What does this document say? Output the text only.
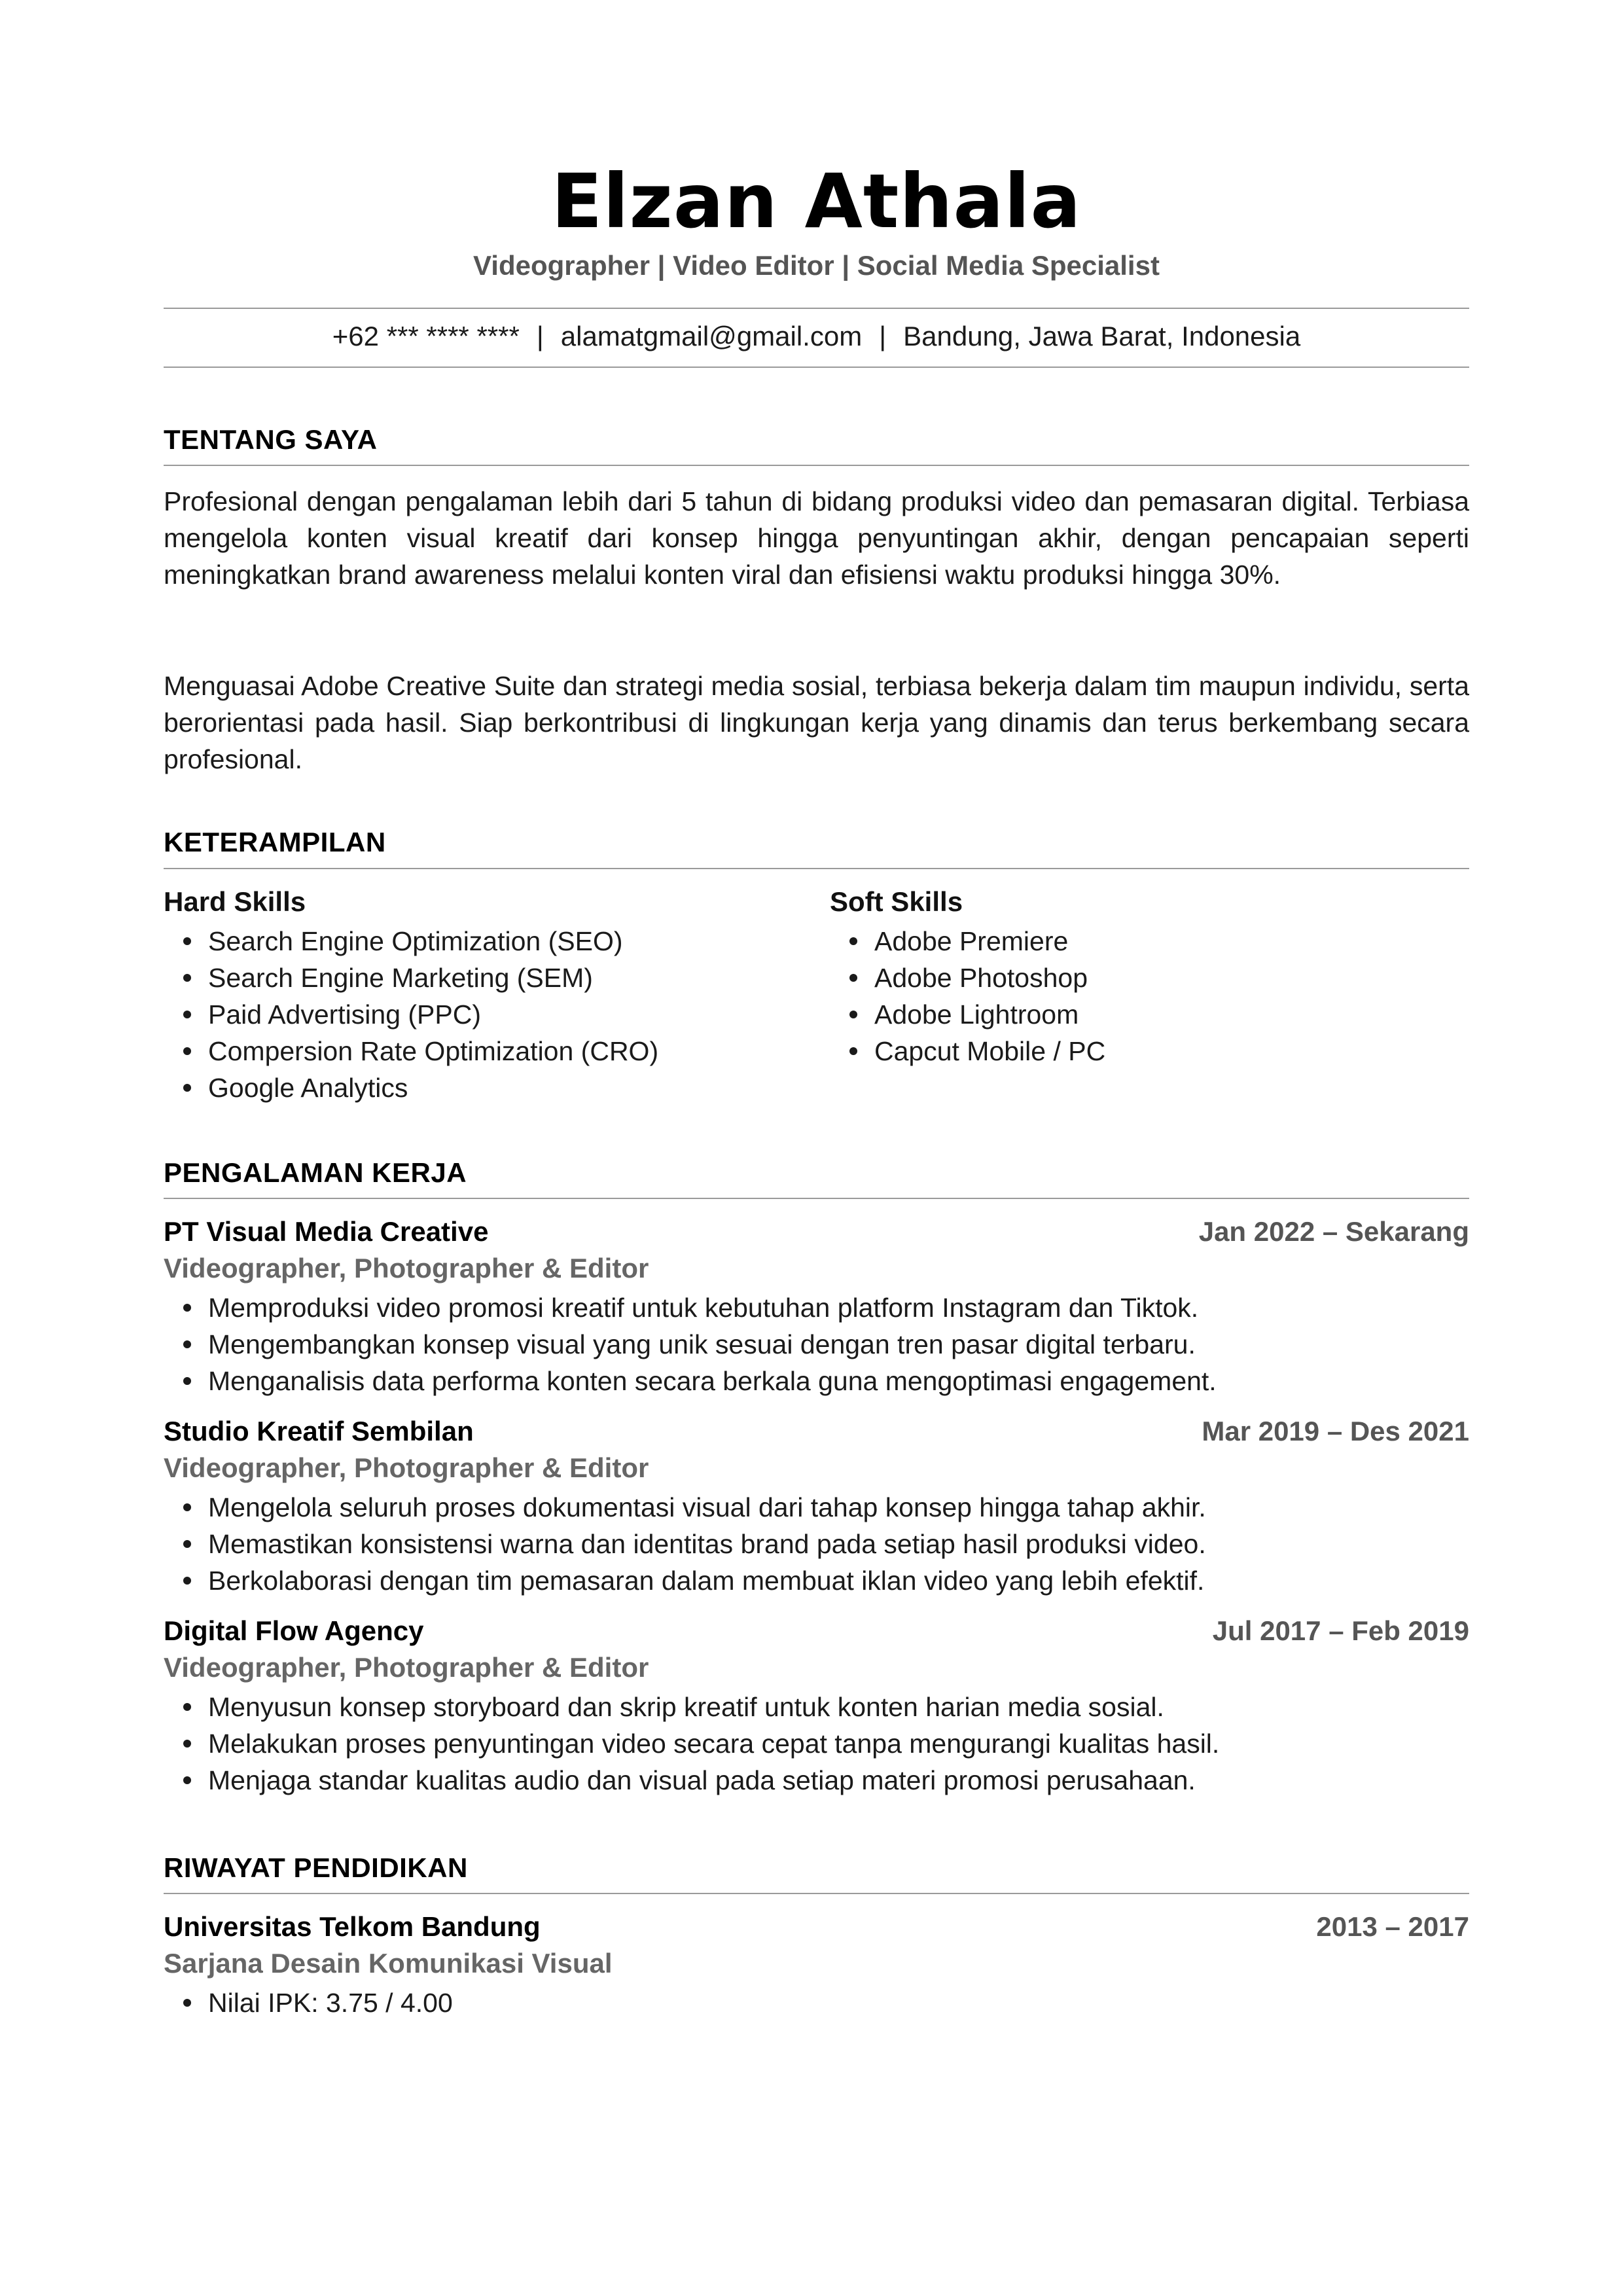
Elzan Athala
Videographer | Video Editor | Social Media Specialist
+62 *** **** **** | alamatgmail@gmail.com | Bandung, Jawa Barat, Indonesia
TENTANG SAYA
Profesional dengan pengalaman lebih dari 5 tahun di bidang produksi video dan pemasaran digital. Terbiasa mengelola konten visual kreatif dari konsep hingga penyuntingan akhir, dengan pencapaian seperti meningkatkan brand awareness melalui konten viral dan efisiensi waktu produksi hingga 30%.
Menguasai Adobe Creative Suite dan strategi media sosial, terbiasa bekerja dalam tim maupun individu, serta berorientasi pada hasil. Siap berkontribusi di lingkungan kerja yang dinamis dan terus berkembang secara profesional.
KETERAMPILAN
Hard Skills
Search Engine Optimization (SEO)
Search Engine Marketing (SEM)
Paid Advertising (PPC)
Compersion Rate Optimization (CRO)
Google Analytics
Soft Skills
Adobe Premiere
Adobe Photoshop
Adobe Lightroom
Capcut Mobile / PC
PENGALAMAN KERJA
PT Visual Media Creative	Jan 2022 – Sekarang
Videographer, Photographer & Editor
Memproduksi video promosi kreatif untuk kebutuhan platform Instagram dan Tiktok.
Mengembangkan konsep visual yang unik sesuai dengan tren pasar digital terbaru.
Menganalisis data performa konten secara berkala guna mengoptimasi engagement.
Studio Kreatif Sembilan	Mar 2019 – Des 2021
Videographer, Photographer & Editor
Mengelola seluruh proses dokumentasi visual dari tahap konsep hingga tahap akhir.
Memastikan konsistensi warna dan identitas brand pada setiap hasil produksi video.
Berkolaborasi dengan tim pemasaran dalam membuat iklan video yang lebih efektif.
Digital Flow Agency	Jul 2017 – Feb 2019
Videographer, Photographer & Editor
Menyusun konsep storyboard dan skrip kreatif untuk konten harian media sosial.
Melakukan proses penyuntingan video secara cepat tanpa mengurangi kualitas hasil.
Menjaga standar kualitas audio dan visual pada setiap materi promosi perusahaan.
RIWAYAT PENDIDIKAN
Universitas Telkom Bandung	2013 – 2017
Sarjana Desain Komunikasi Visual
Nilai IPK: 3.75 / 4.00
